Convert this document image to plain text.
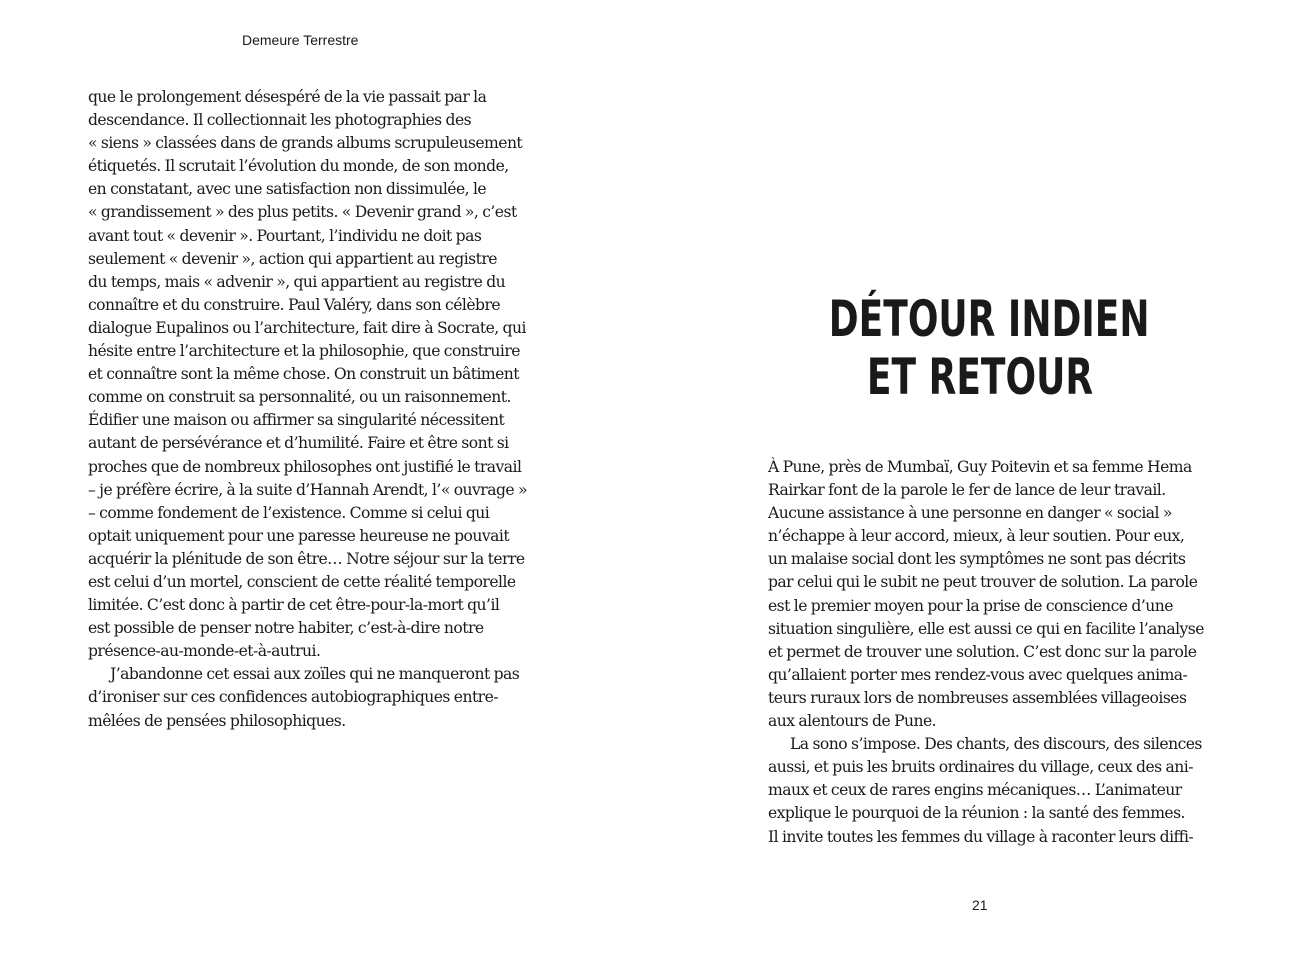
Demeure Terrestre
que le prolongement désespéré de la vie passait par la
descendance. Il collectionnait les photographies des
« siens » classées dans de grands albums scrupuleusement
étiquetés. Il scrutait l’évolution du monde, de son monde,
en constatant, avec une satisfaction non dissimulée, le
« grandissement » des plus petits. « Devenir grand », c’est
avant tout « devenir ». Pourtant, l’individu ne doit pas
seulement « devenir », action qui appartient au registre
du temps, mais « advenir », qui appartient au registre du
connaître et du construire. Paul Valéry, dans son célèbre
dialogue Eupalinos ou l’architecture, fait dire à Socrate, qui
hésite entre l’architecture et la philosophie, que construire
et connaître sont la même chose. On construit un bâtiment
comme on construit sa personnalité, ou un raisonnement.
Édifier une maison ou affirmer sa singularité nécessitent
autant de persévérance et d’humilité. Faire et être sont si
proches que de nombreux philosophes ont justifié le travail
– je préfère écrire, à la suite d’Hannah Arendt, l’« ouvrage »
– comme fondement de l’existence. Comme si celui qui
optait uniquement pour une paresse heureuse ne pouvait
acquérir la plénitude de son être… Notre séjour sur la terre
est celui d’un mortel, conscient de cette réalité temporelle
limitée. C’est donc à partir de cet être-pour-la-mort qu’il
est possible de penser notre habiter, c’est-à-dire notre
présence-au-monde-et-à-autrui.
J’abandonne cet essai aux zoïles qui ne manqueront pas
d’ironiser sur ces confidences autobiographiques entre-
mêlées de pensées philosophiques.
DÉTOUR INDIEN
ET RETOUR
À Pune, près de Mumbaï, Guy Poitevin et sa femme Hema
Rairkar font de la parole le fer de lance de leur travail.
Aucune assistance à une personne en danger « social »
n’échappe à leur accord, mieux, à leur soutien. Pour eux,
un malaise social dont les symptômes ne sont pas décrits
par celui qui le subit ne peut trouver de solution. La parole
est le premier moyen pour la prise de conscience d’une
situation singulière, elle est aussi ce qui en facilite l’analyse
et permet de trouver une solution. C’est donc sur la parole
qu’allaient porter mes rendez-vous avec quelques anima-
teurs ruraux lors de nombreuses assemblées villageoises
aux alentours de Pune.
La sono s’impose. Des chants, des discours, des silences
aussi, et puis les bruits ordinaires du village, ceux des ani-
maux et ceux de rares engins mécaniques… L’animateur
explique le pourquoi de la réunion : la santé des femmes.
Il invite toutes les femmes du village à raconter leurs diffi-
21
